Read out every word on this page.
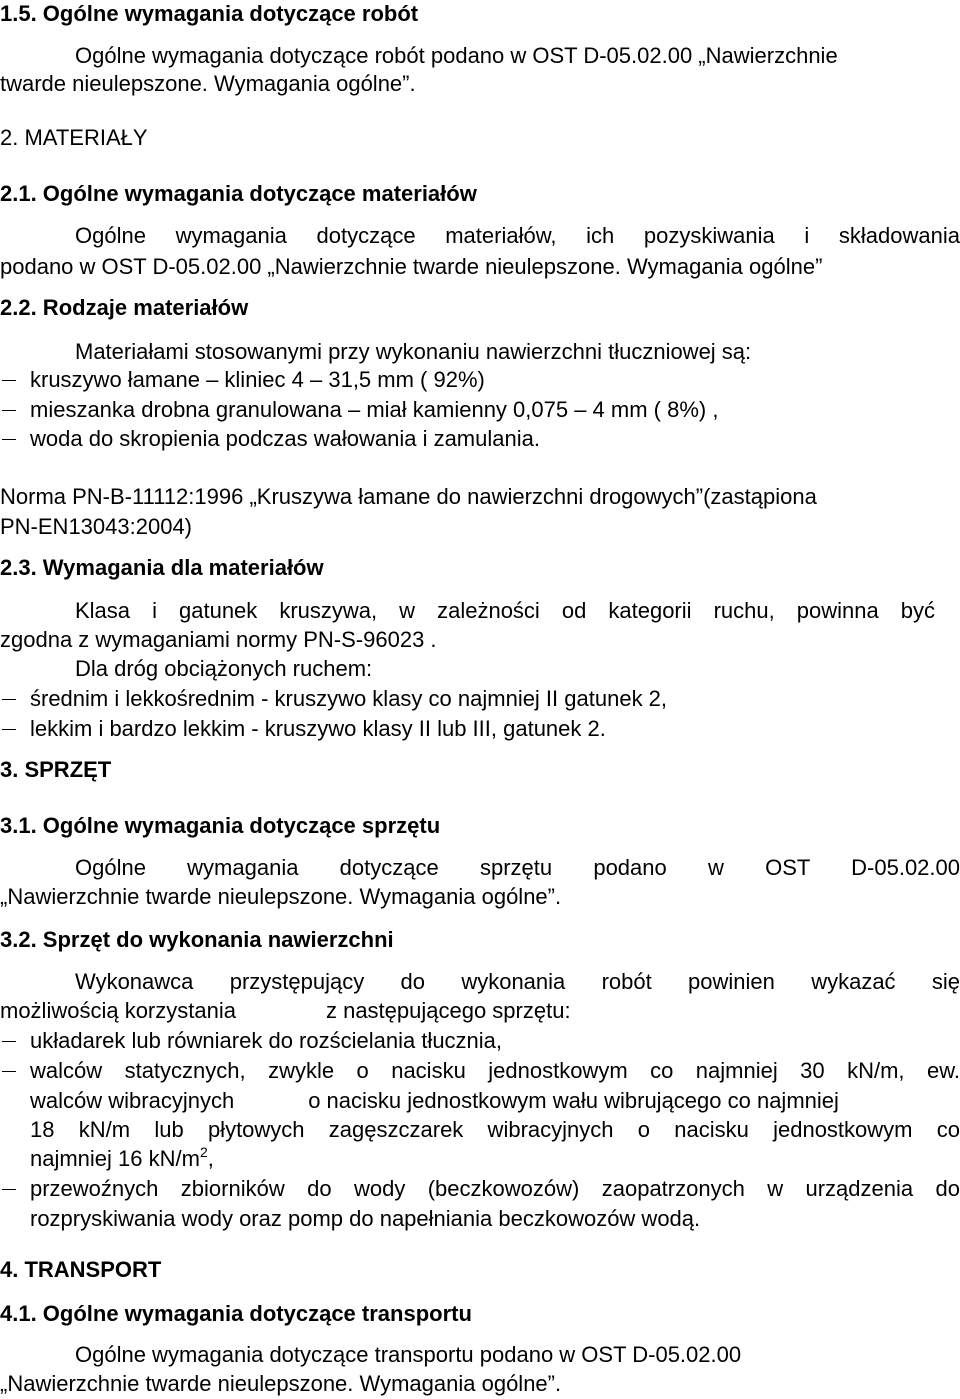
1.5. Ogólne wymagania dotyczące robót
Ogólne wymagania dotyczące robót podano w OST D-05.02.00 „Nawierzchnie
twarde nieulepszone. Wymagania ogólne”.
2. MATERIAŁY
2.1. Ogólne wymagania dotyczące materiałów
Ogólne wymagania dotyczące materiałów, ich pozyskiwania i składowania
podano w OST D-05.02.00 „Nawierzchnie twarde nieulepszone. Wymagania ogólne”
2.2. Rodzaje materiałów
Materiałami stosowanymi przy wykonaniu nawierzchni tłuczniowej są:
kruszywo łamane – kliniec 4 – 31,5 mm ( 92%)
mieszanka drobna granulowana – miał kamienny 0,075 – 4 mm ( 8%) ,
woda do skropienia podczas wałowania i zamulania.
Norma PN-B-11112:1996 „Kruszywa łamane do nawierzchni drogowych”(zastąpiona
PN-EN13043:2004)
2.3. Wymagania dla materiałów
Klasa i gatunek kruszywa, w zależności od kategorii ruchu, powinna być
zgodna z wymaganiami normy PN-S-96023 .
Dla dróg obciążonych ruchem:
średnim i lekkośrednim - kruszywo klasy co najmniej II gatunek 2,
lekkim i bardzo lekkim - kruszywo klasy II lub III, gatunek 2.
3. SPRZĘT
3.1. Ogólne wymagania dotyczące sprzętu
Ogólne wymagania dotyczące sprzętu podano w OST D-05.02.00
„Nawierzchnie twarde nieulepszone. Wymagania ogólne”.
3.2. Sprzęt do wykonania nawierzchni
Wykonawca przystępujący do wykonania robót powinien wykazać się
możliwością korzystania	z następującego sprzętu:
układarek lub równiarek do rozścielania tłucznia,
walców statycznych, zwykle o nacisku jednostkowym co najmniej 30 kN/m, ew.
walców wibracyjnych	o nacisku jednostkowym wału wibrującego co najmniej
18 kN/m lub płytowych zagęszczarek wibracyjnych o nacisku jednostkowym co
najmniej 16 $kN/m^2$,
przewoźnych zbiorników do wody (beczkowozów) zaopatrzonych w urządzenia do
rozpryskiwania wody oraz pomp do napełniania beczkowozów wodą.
4. TRANSPORT
4.1. Ogólne wymagania dotyczące transportu
Ogólne wymagania dotyczące transportu podano w OST D-05.02.00
„Nawierzchnie twarde nieulepszone. Wymagania ogólne”.
